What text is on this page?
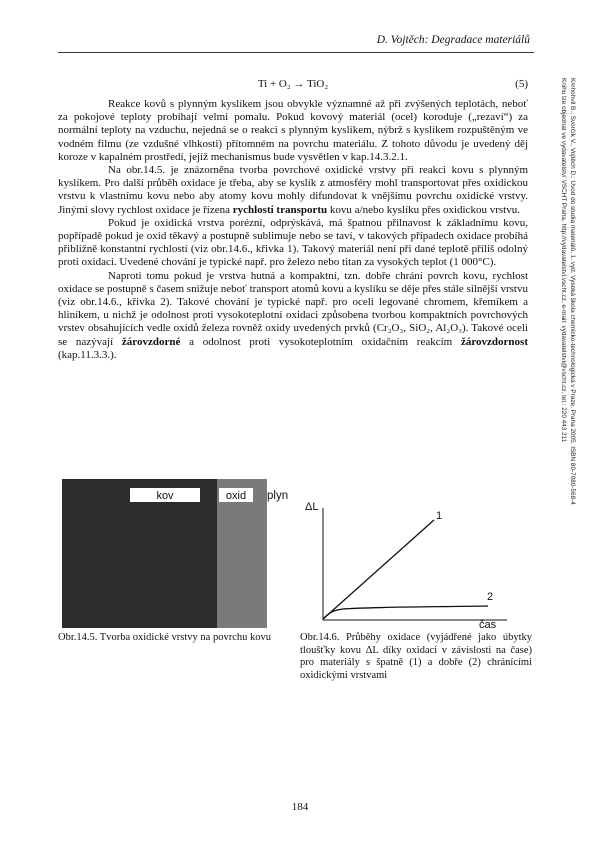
D. Vojtěch: Degradace materiálů
Ti + O₂ → TiO₂	(5)

Reakce kovů s plynným kyslíkem jsou obvykle významné až při zvýšených teplotách, neboť za pokojové teploty probíhají velmi pomalu. Pokud kovový materiál (ocel) koroduje („rezaví“) za normální teploty na vzduchu, nejedná se o reakci s plynným kyslíkem, nýbrž s kyslíkem rozpuštěným ve vodném filmu (ze vzdušné vlhkosti) přítomném na povrchu materiálu. Z tohoto důvodu je uvedený děj koroze v kapalném prostředí, jejíž mechanismus bude vysvětlen v kap.14.3.2.1.

Na obr.14.5. je znázorněna tvorba povrchové oxidické vrstvy při reakci kovu s plynným kyslíkem. Pro další průběh oxidace je třeba, aby se kyslík z atmosféry mohl transportovat přes oxidickou vrstvu k vlastnímu kovu nebo aby atomy kovu mohly difundovat k vnějšímu povrchu oxidické vrstvy. Jinými slovy rychlost oxidace je řízena rychlostí transportu kovu a/nebo kyslíku přes oxidickou vrstvu.

Pokud je oxidická vrstva porézní, odprýskává, má špatnou přilnavost k základnímu kovu, popřípadě pokud je oxid těkavý a postupně sublimuje nebo se taví, v takových případech oxidace probíhá přibližně konstantní rychlostí (viz obr.14.6., křivka 1). Takový materiál není při dané teplotě příliš odolný proti oxidaci. Uvedené chování je typické např. pro železo nebo titan za vysokých teplot (1 000°C).

Naproti tomu pokud je vrstva hutná a kompaktní, tzn. dobře chrání povrch kovu, rychlost oxidace se postupně s časem snižuje neboť transport atomů kovu a kyslíku se děje přes stále silnější vrstvu (viz obr.14.6., křivka 2). Takové chování je typické např. pro oceli legované chromem, křemíkem a hliníkem, u nichž je odolnost proti vysokoteplotní oxidaci způsobena tvorbou kompaktních povrchových vrstev obsahujících vedle oxidů železa rovněž oxidy uvedených prvků (Cr₂O₃, SiO₂, Al₂O₃). Takové oceli se nazývají žárovzdorné a odolnost proti vysokoteplotním oxidačním reakcím žárovzdornost (kap.11.3.3.).	Kmhohvil B., Švorčík V., Vojtěch D.: Úvod do studia materiálů. 1. vyd. Vysoká škola chemicko-technologická v Praze, Praha 2005. ISBN 80-7080-568-4
Knihu lze objednat ve vydavatelství VŠCHT Praha, http://vydavatelstvi.vscht.cz, e-mail: vydavatelstvi@vscht.cz, tel.: 220 443 211
kov	oxid plyn
ΔL
čas
1
2
Obr.14.5. Tvorba oxidické vrstvy na povrchu kovu	Obr.14.6. Průběhy oxidace (vyjádřené jako úbytky tloušťky kovu ΔL díky oxidaci v závislosti na čase) pro materiály s špatně (1) a dobře (2) chránícími oxidickými vrstvami
184
